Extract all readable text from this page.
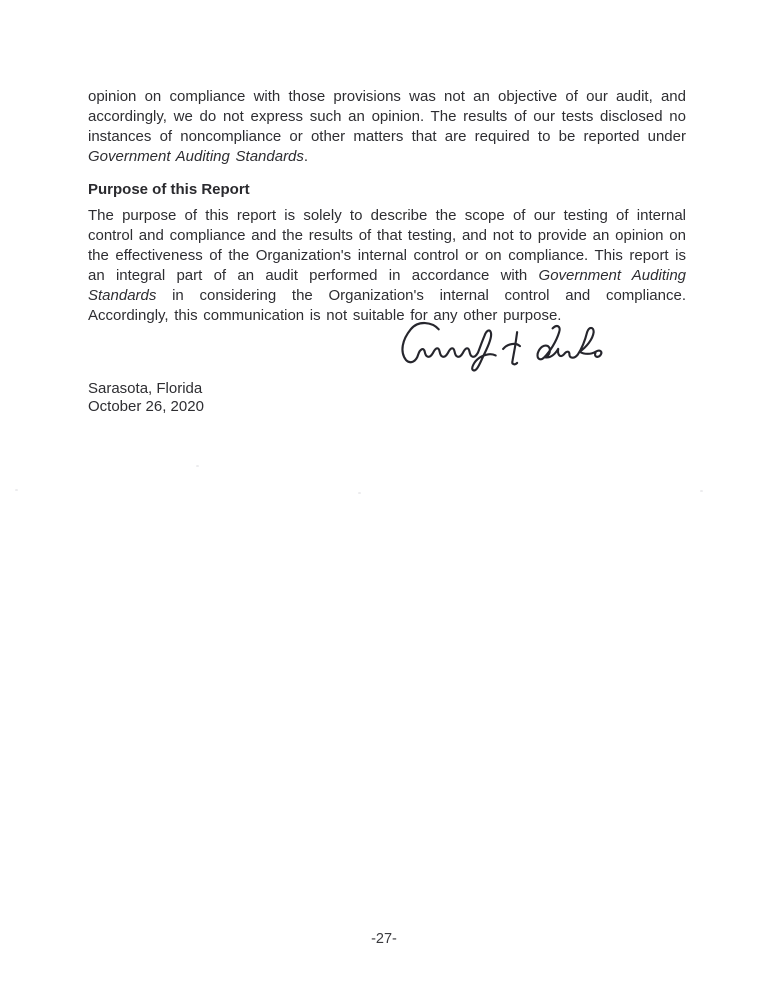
opinion on compliance with those provisions was not an objective of our audit, and accordingly, we do not express such an opinion. The results of our tests disclosed no instances of noncompliance or other matters that are required to be reported under Government Auditing Standards.

Purpose of this Report

The purpose of this report is solely to describe the scope of our testing of internal control and compliance and the results of that testing, and not to provide an opinion on the effectiveness of the Organization's internal control or on compliance. This report is an integral part of an audit performed in accordance with Government Auditing Standards in considering the Organization's internal control and compliance. Accordingly, this communication is not suitable for any other purpose.

Sarasota, Florida
October 26, 2020
-27-
